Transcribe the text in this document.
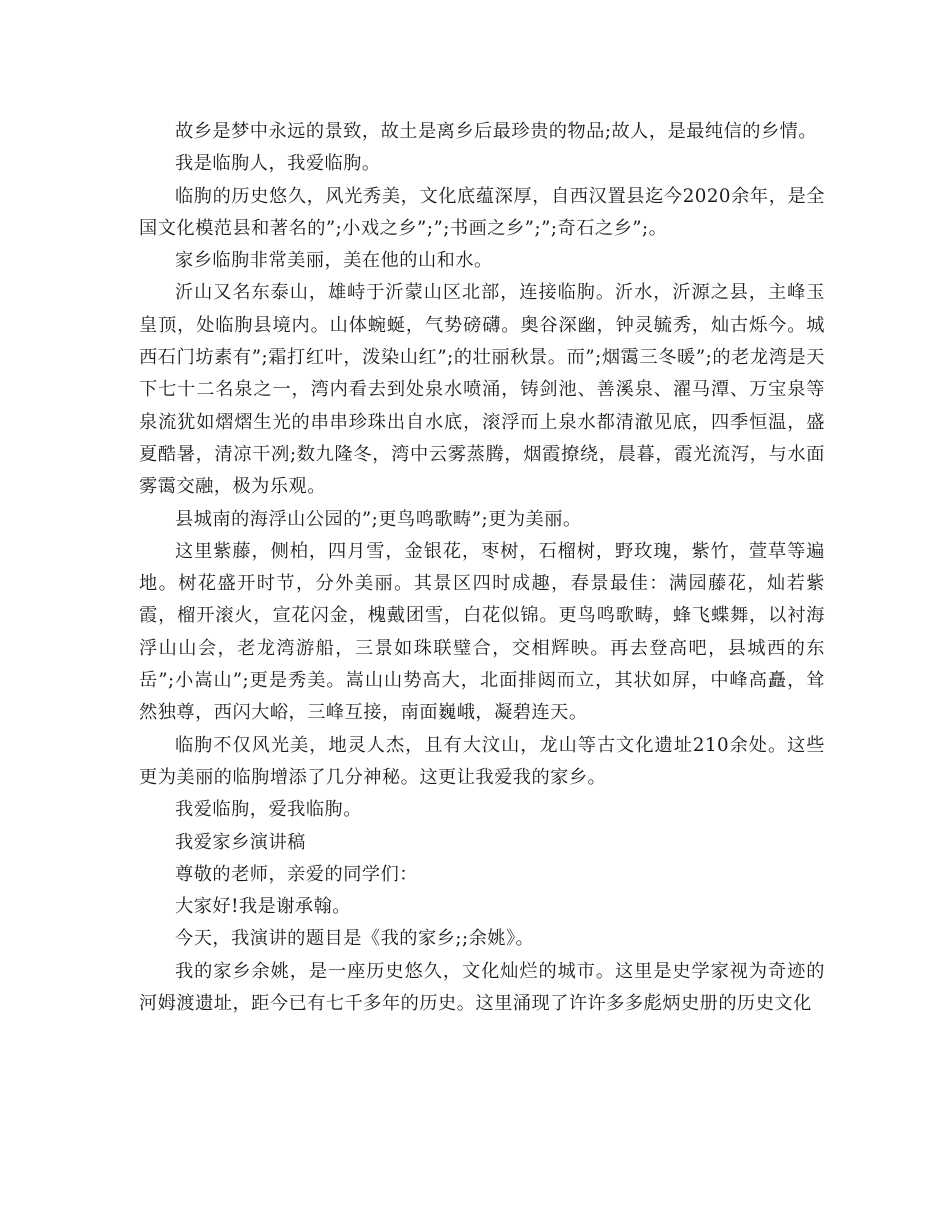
故乡是梦中永远的景致，故土是离乡后最珍贵的物品;故人，是最纯信的乡情。

我是临朐人，我爱临朐。

临朐的历史悠久，风光秀美，文化底蕴深厚，自西汉置县迄今2020余年，是全国文化模范县和著名的”;小戏之乡”;”;书画之乡”;”;奇石之乡”;。

家乡临朐非常美丽，美在他的山和水。

沂山又名东泰山，雄峙于沂蒙山区北部，连接临朐。沂水，沂源之县，主峰玉皇顶，处临朐县境内。山体蜿蜒，气势磅礴。奥谷深幽，钟灵毓秀，灿古烁今。城西石门坊素有”;霜打红叶，泼染山红”;的壮丽秋景。而”;烟霭三冬暖”;的老龙湾是天下七十二名泉之一，湾内看去到处泉水喷涌，铸剑池、善溪泉、濯马潭、万宝泉等泉流犹如熠熠生光的串串珍珠出自水底，滚浮而上泉水都清澈见底，四季恒温，盛夏酷暑，清凉干冽;数九隆冬，湾中云雾蒸腾，烟霞撩绕，晨暮，霞光流泻，与水面雾霭交融，极为乐观。

县城南的海浮山公园的”;更鸟鸣歌畴”;更为美丽。

这里紫藤，侧柏，四月雪，金银花，枣树，石榴树，野玫瑰，紫竹，萱草等遍地。树花盛开时节，分外美丽。其景区四时成趣，春景最佳：满园藤花，灿若紫霞，榴开滚火，宣花闪金，槐戴团雪，白花似锦。更鸟鸣歌畴，蜂飞蝶舞，以衬海浮山山会，老龙湾游船，三景如珠联璧合，交相辉映。再去登高吧，县城西的东岳”;小嵩山”;更是秀美。嵩山山势高大，北面排闼而立，其状如屏，中峰高矗，耸然独尊，西闪大峪，三峰互接，南面巍峨，凝碧连天。

临朐不仅风光美，地灵人杰，且有大汶山，龙山等古文化遗址210余处。这些更为美丽的临朐增添了几分神秘。这更让我爱我的家乡。

我爱临朐，爱我临朐。

我爱家乡演讲稿

尊敬的老师，亲爱的同学们：

大家好!我是谢承翰。

今天，我演讲的题目是《我的家乡;;余姚》。

我的家乡余姚，是一座历史悠久，文化灿烂的城市。这里是史学家视为奇迹的河姆渡遗址，距今已有七千多年的历史。这里涌现了许许多多彪炳史册的历史文化
